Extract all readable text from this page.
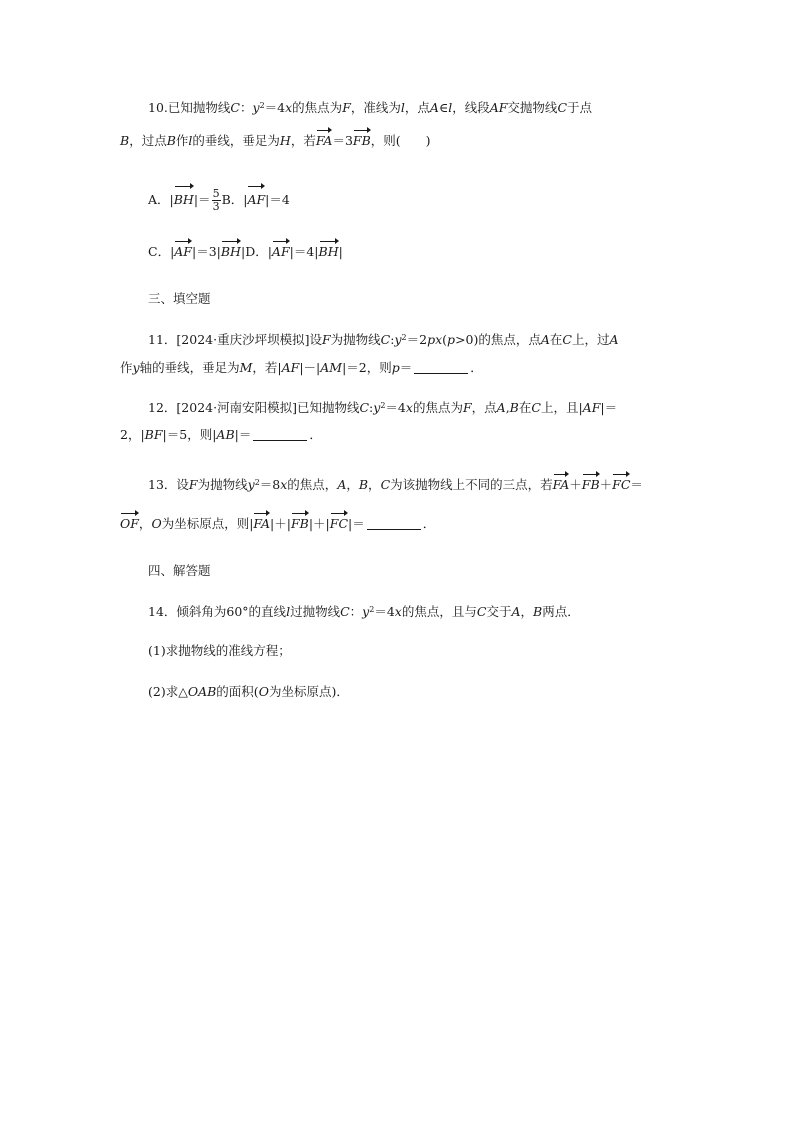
10.已知抛物线C：$y^2=4x$的焦点为F，准线为l，点A∈l，线段AF交抛物线C于点
B，过点B作l的垂线，垂足为H，若FA＝3FB，则(　　)
A．$|BH|= \frac{5}{3}$ B．|AF|＝4
C．|AF|＝3|BH|D．|AF|＝4|BH|
三、填空题
11．[2024·重庆沙坪坝模拟]设F为抛物线$C:y^2=2px(p>0)$的焦点，点A在C上，过A
作y轴的垂线，垂足为M，若|AF|－|AM|＝2，则p＝	．
12．[2024·河南安阳模拟]已知抛物线$C:y^2=4x$的焦点为F，点A,B在C上，且|AF|＝
2，|BF|＝5，则|AB|＝	．
13．设F为抛物线$y^2=8x$的焦点，A，B，C为该抛物线上不同的三点，若FA＋FB＋FC＝
OF，O为坐标原点，则|FA|＋|FB|＋|FC|＝	．
四、解答题
14．倾斜角为60°的直线l过抛物线C：$y^2=4x$的焦点，且与C交于A，B两点．
(1)求抛物线的准线方程；
(2)求△OAB的面积(O为坐标原点)．
